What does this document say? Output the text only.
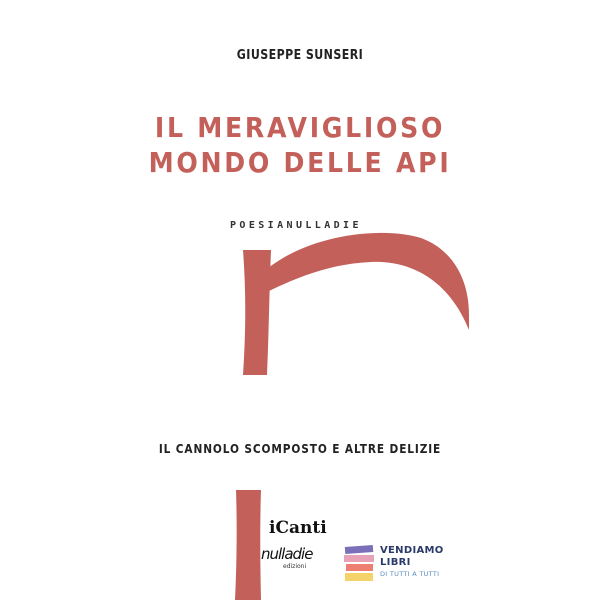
GIUSEPPE SUNSERI
IL MERAVIGLIOSO
MONDO DELLE API
POESIANULLADIE
IL CANNOLO SCOMPOSTO E ALTRE DELIZIE
iCanti
nulladie
edizioni
VENDIAMO
LIBRI
DI TUTTI A TUTTI
